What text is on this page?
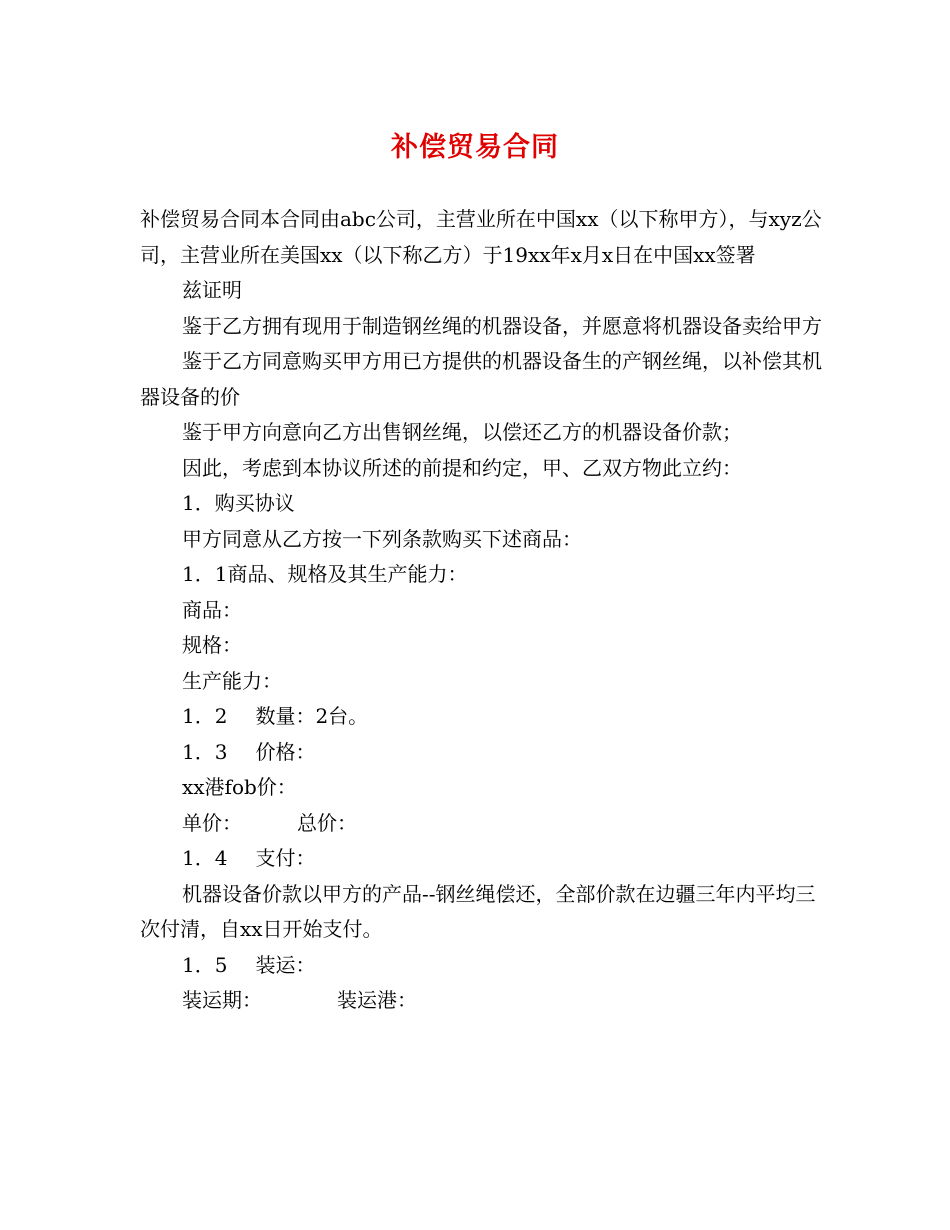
补偿贸易合同

补偿贸易合同本合同由abc公司，主营业所在中国xx（以下称甲方），与xyz公司，主营业所在美国xx（以下称乙方）于19xx年x月x日在中国xx签署

兹证明

鉴于乙方拥有现用于制造钢丝绳的机器设备，并愿意将机器设备卖给甲方

鉴于乙方同意购买甲方用已方提供的机器设备生的产钢丝绳，以补偿其机器设备的价

鉴于甲方向意向乙方出售钢丝绳，以偿还乙方的机器设备价款；

因此，考虑到本协议所述的前提和约定，甲、乙双方物此立约：

1．购买协议

甲方同意从乙方按一下列条款购买下述商品：

1．1商品、规格及其生产能力：

商品：

规格：

生产能力：

1．2 数量：2台。

1．3 价格：

xx港fob价：

单价：	总价：

1．4 支付：

机器设备价款以甲方的产品--钢丝绳偿还，全部价款在边疆三年内平均三次付清，自xx日开始支付。

1．5 装运：

装运期：	装运港：
